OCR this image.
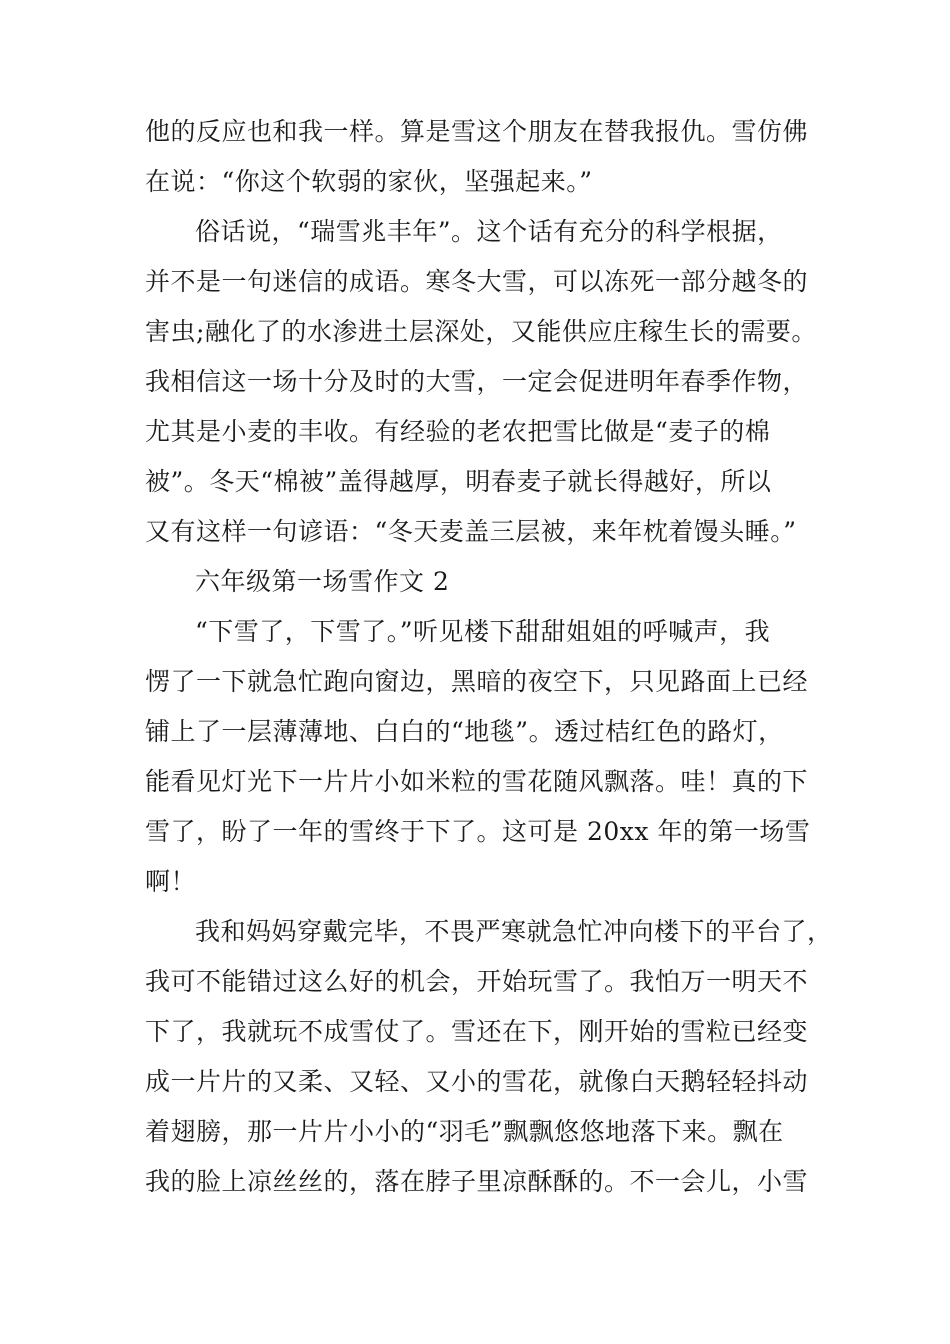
他的反应也和我一样。算是雪这个朋友在替我报仇。雪仿佛
在说：“你这个软弱的家伙，坚强起来。”
俗话说，“瑞雪兆丰年”。这个话有充分的科学根据，
并不是一句迷信的成语。寒冬大雪，可以冻死一部分越冬的
害虫;融化了的水渗进土层深处，又能供应庄稼生长的需要。
我相信这一场十分及时的大雪，一定会促进明年春季作物，
尤其是小麦的丰收。有经验的老农把雪比做是“麦子的棉
被”。冬天“棉被”盖得越厚，明春麦子就长得越好，所以
又有这样一句谚语：“冬天麦盖三层被，来年枕着馒头睡。”
六年级第一场雪作文 2
“下雪了，下雪了。”听见楼下甜甜姐姐的呼喊声，我
愣了一下就急忙跑向窗边，黑暗的夜空下，只见路面上已经
铺上了一层薄薄地、白白的“地毯”。透过桔红色的路灯，
能看见灯光下一片片小如米粒的雪花随风飘落。哇！真的下
雪了，盼了一年的雪终于下了。这可是 20xx 年的第一场雪
啊！
我和妈妈穿戴完毕，不畏严寒就急忙冲向楼下的平台了，
我可不能错过这么好的机会，开始玩雪了。我怕万一明天不
下了，我就玩不成雪仗了。雪还在下，刚开始的雪粒已经变
成一片片的又柔、又轻、又小的雪花，就像白天鹅轻轻抖动
着翅膀，那一片片小小的“羽毛”飘飘悠悠地落下来。飘在
我的脸上凉丝丝的，落在脖子里凉酥酥的。不一会儿，小雪
